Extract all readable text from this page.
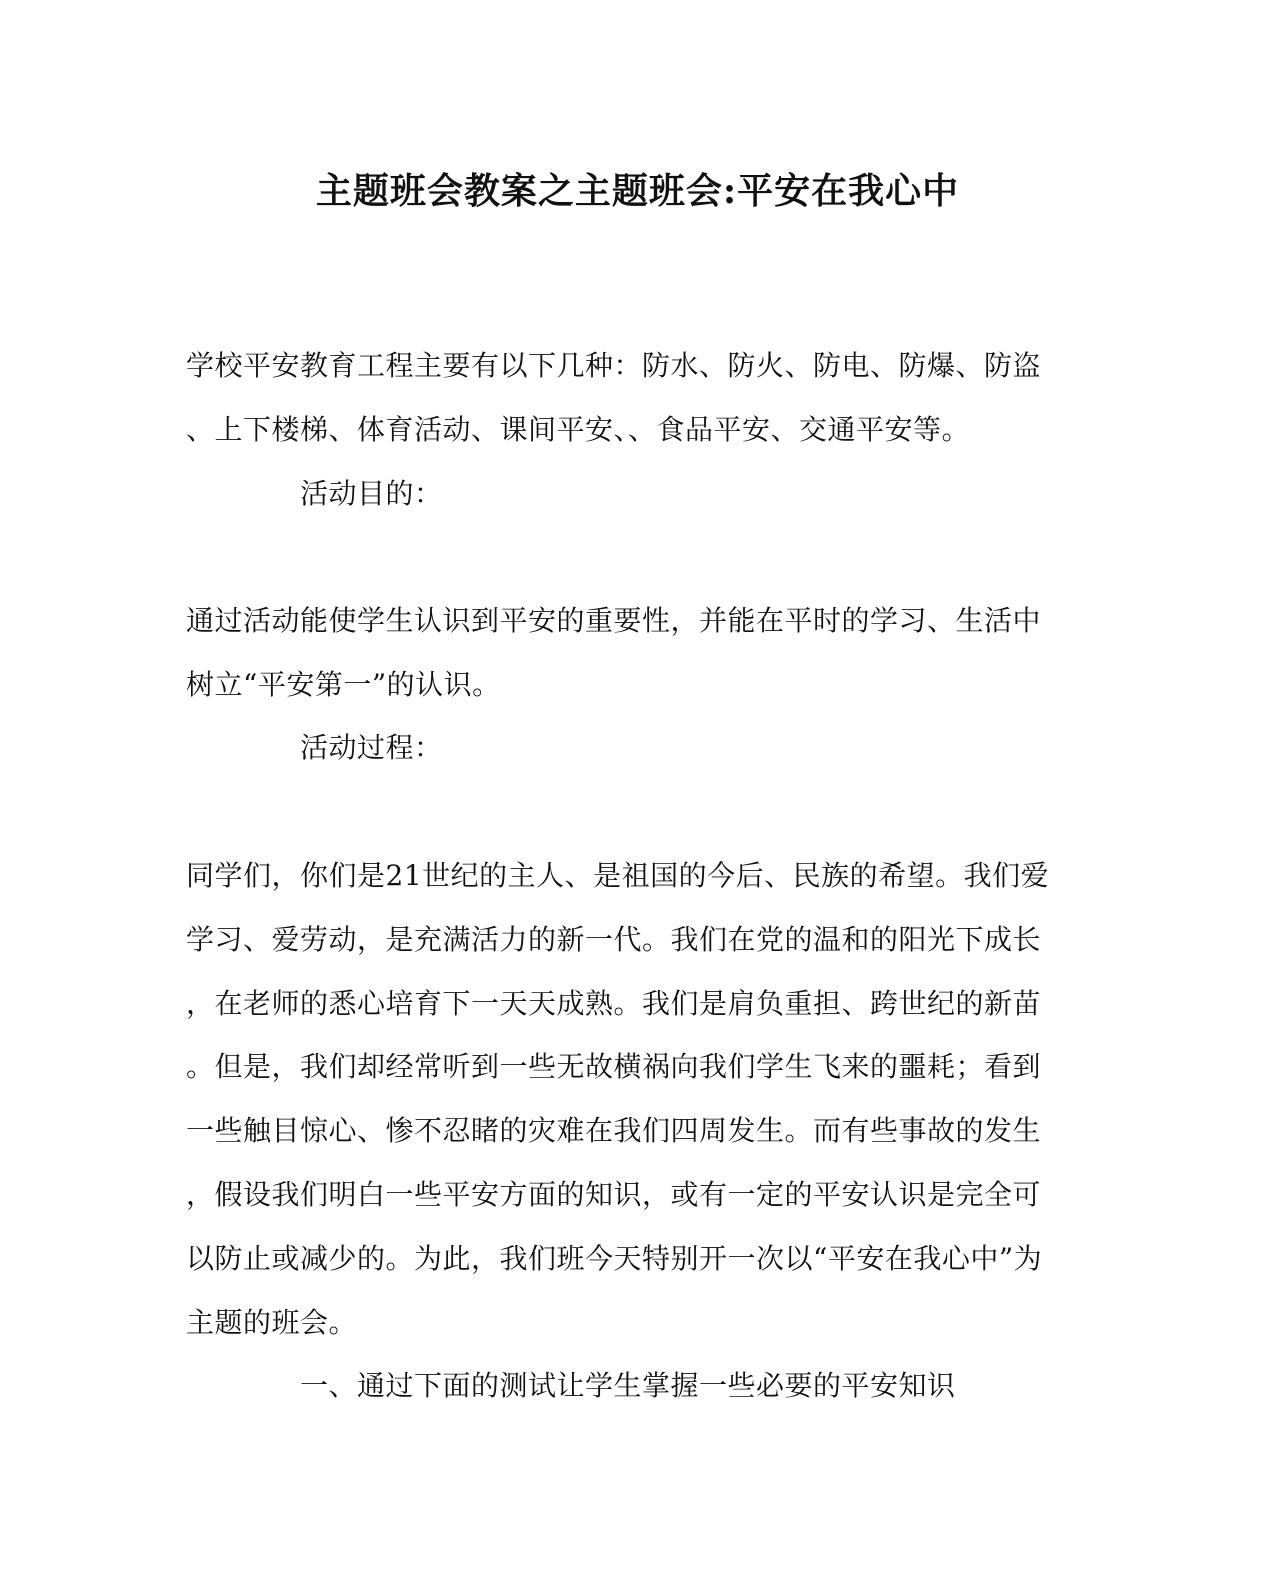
主题班会教案之主题班会:平安在我心中
学校平安教育工程主要有以下几种：防水、防火、防电、防爆、防盗
、上下楼梯、体育活动、课间平安、、食品平安、交通平安等。
活动目的：
通过活动能使学生认识到平安的重要性，并能在平时的学习、生活中
树立“平安第一”的认识。
活动过程：
同学们，你们是21世纪的主人、是祖国的今后、民族的希望。我们爱
学习、爱劳动，是充满活力的新一代。我们在党的温和的阳光下成长
，在老师的悉心培育下一天天成熟。我们是肩负重担、跨世纪的新苗
。但是，我们却经常听到一些无故横祸向我们学生飞来的噩耗；看到
一些触目惊心、惨不忍睹的灾难在我们四周发生。而有些事故的发生
，假设我们明白一些平安方面的知识，或有一定的平安认识是完全可
以防止或减少的。为此，我们班今天特别开一次以“平安在我心中”为
主题的班会。
一、通过下面的测试让学生掌握一些必要的平安知识
